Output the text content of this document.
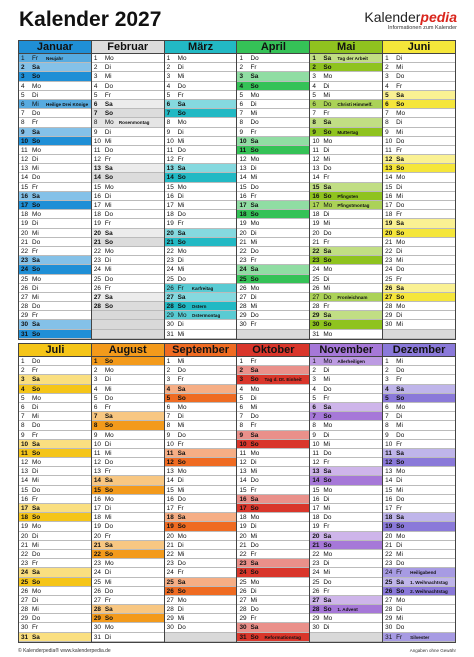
Kalender 2027	Kalenderpedia
Informationen zum Kalender
Januar	Februar	März	April	Mai	Juni
1	Fr	Neujahr
2	Sa
3	So
4	Mo
5	Di
6	Mi	Heilige Drei Könige
7	Do
8	Fr
9	Sa
10 So
11 Mo
12 Di
13 Mi
14 Do
15 Fr
16 Sa
17 So
18 Mo
19 Di
20 Mi
21 Do
22 Fr
23 Sa
24 So
25 Mo
26 Di
27 Mi
28 Do
29 Fr
30 Sa
31 So
1	Mo
2	Di
3	Mi
4	Do
5	Fr
6	Sa
7	So
8	Mo	Rosenmontag
9	Di
10 Mi
11 Do
12 Fr
13 Sa
14 So
15 Mo
16 Di
17 Mi
18 Do
19 Fr
20 Sa
21 So
22 Mo
23 Di
24 Mi
25 Do
26 Fr
27 Sa
28 So
1	Mo
2	Di
3	Mi
4	Do
5	Fr
6	Sa
7	So
8	Mo
9	Di
10 Mi
11 Do
12 Fr
13 Sa
14 So
15 Mo
16 Di
17 Mi
18 Do
19 Fr
20 Sa
21 So
22 Mo
23 Di
24 Mi
25 Do
26 Fr	Karfreitag
27 Sa
28 So	Ostern
29 Mo	Ostermontag
30 Di
31 Mi
1	Do
2	Fr
3	Sa
4	So
5	Mo
6	Di
7	Mi
8	Do
9	Fr
10 Sa
11 So
12 Mo
13 Di
14 Mi
15 Do
16 Fr
17 Sa
18 So
19 Mo
20 Di
21 Mi
22 Do
23 Fr
24 Sa
25 So
26 Mo
27 Di
28 Mi
29 Do
30 Fr
1	Sa	Tag der Arbeit
2	So
3	Mo
4	Di
5	Mi
6	Do	Christi Himmelf.
7	Fr
8	Sa
9	So	Muttertag
10 Mo
11 Di
12 Mi
13 Do
14 Fr
15 Sa
16 So	Pfingsten
17 Mo	Pfingstmontag
18 Di
19 Mi
20 Do
21 Fr
22 Sa
23 So
24 Mo
25 Di
26 Mi
27 Do	Fronleichnam
28 Fr
29 Sa
30 So
31 Mo
1	Di
2	Mi
3	Do
4	Fr
5	Sa
6	So
7	Mo
8	Di
9	Mi
10 Do
11 Fr
12 Sa
13 So
14 Mo
15 Di
16 Mi
17 Do
18 Fr
19 Sa
20 So
21 Mo
22 Di
23 Mi
24 Do
25 Fr
26 Sa
27 So
28 Mo
29 Di
30 Mi
Juli	August	September	Oktober	November	Dezember
1	Do
2	Fr
3	Sa
4	So
5	Mo
6	Di
7	Mi
8	Do
9	Fr
10 Sa
11 So
12 Mo
13 Di
14 Mi
15 Do
16 Fr
17 Sa
18 So
19 Mo
20 Di
21 Mi
22 Do
23 Fr
24 Sa
25 So
26 Mo
27 Di
28 Mi
29 Do
30 Fr
31 Sa
1	So
2	Mo
3	Di
4	Mi
5	Do
6	Fr
7	Sa
8	So
9	Mo
10 Di
11 Mi
12 Do
13 Fr
14 Sa
15 So
16 Mo
17 Di
18 Mi
19 Do
20 Fr
21 Sa
22 So
23 Mo
24 Di
25 Mi
26 Do
27 Fr
28 Sa
29 So
30 Mo
31 Di
1	Mi
2	Do
3	Fr
4	Sa
5	So
6	Mo
7	Di
8	Mi
9	Do
10 Fr
11 Sa
12 So
13 Mo
14 Di
15 Mi
16 Do
17 Fr
18 Sa
19 So
20 Mo
21 Di
22 Mi
23 Do
24 Fr
25 Sa
26 So
27 Mo
28 Di
29 Mi
30 Do
1	Fr
2	Sa
3	So	Tag d. Dt. Einheit
4	Mo
5	Di
6	Mi
7	Do
8	Fr
9	Sa
10 So
11 Mo
12 Di
13 Mi
14 Do
15 Fr
16 Sa
17 So
18 Mo
19 Di
20 Mi
21 Do
22 Fr
23 Sa
24 So
25 Mo
26 Di
27 Mi
28 Do
29 Fr
30 Sa
31 So	Reformationstag
1	Mo	Allerheiligen
2	Di
3	Mi
4	Do
5	Fr
6	Sa
7	So
8	Mo
9	Di
10 Mi
11 Do
12 Fr
13 Sa
14 So
15 Mo
16 Di
17 Mi
18 Do
19 Fr
20 Sa
21 So
22 Mo
23 Di
24 Mi
25 Do
26 Fr
27 Sa
28 So	1. Advent
29 Mo
30 Di
1	Mi
2	Do
3	Fr
4	Sa
5	So
6	Mo
7	Di
8	Mi
9	Do
10 Fr
11 Sa
12 So
13 Mo
14 Di
15 Mi
16 Do
17 Fr
18 Sa
19 So
20 Mo
21 Di
22 Mi
23 Do
24 Fr	Heiligabend
25 Sa	1. Weihnachtstag
26 So	2. Weihnachtstag
27 Mo
28 Di
29 Mi
30 Do
31 Fr	Silvester
© Kalenderpedia® www.kalenderpedia.de	Angaben ohne Gewähr
